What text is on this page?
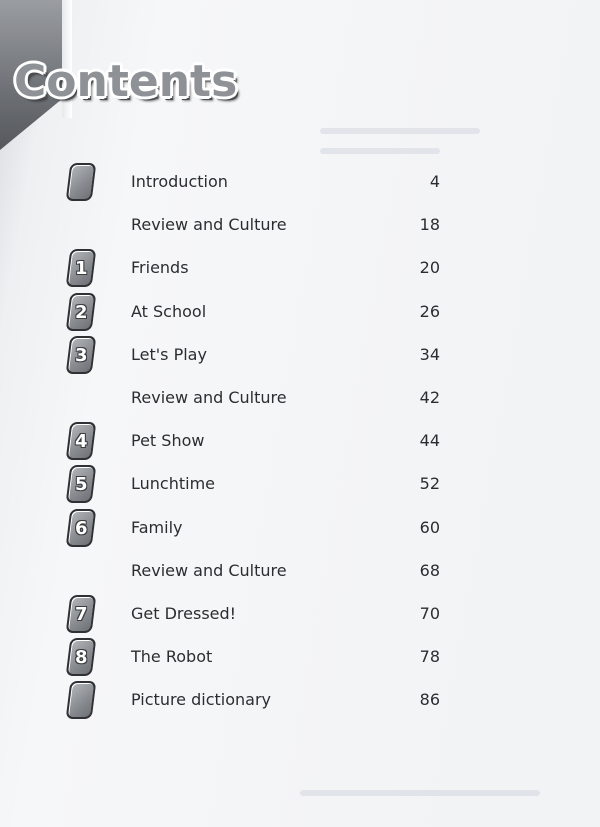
Contents
Introduction	4
Review and Culture	18
1	Friends	20
2	At School	26
3	Let's Play	34
Review and Culture	42
4	Pet Show	44
5	Lunchtime	52
6	Family	60
Review and Culture	68
7	Get Dressed!	70
8	The Robot	78
Picture dictionary	86
